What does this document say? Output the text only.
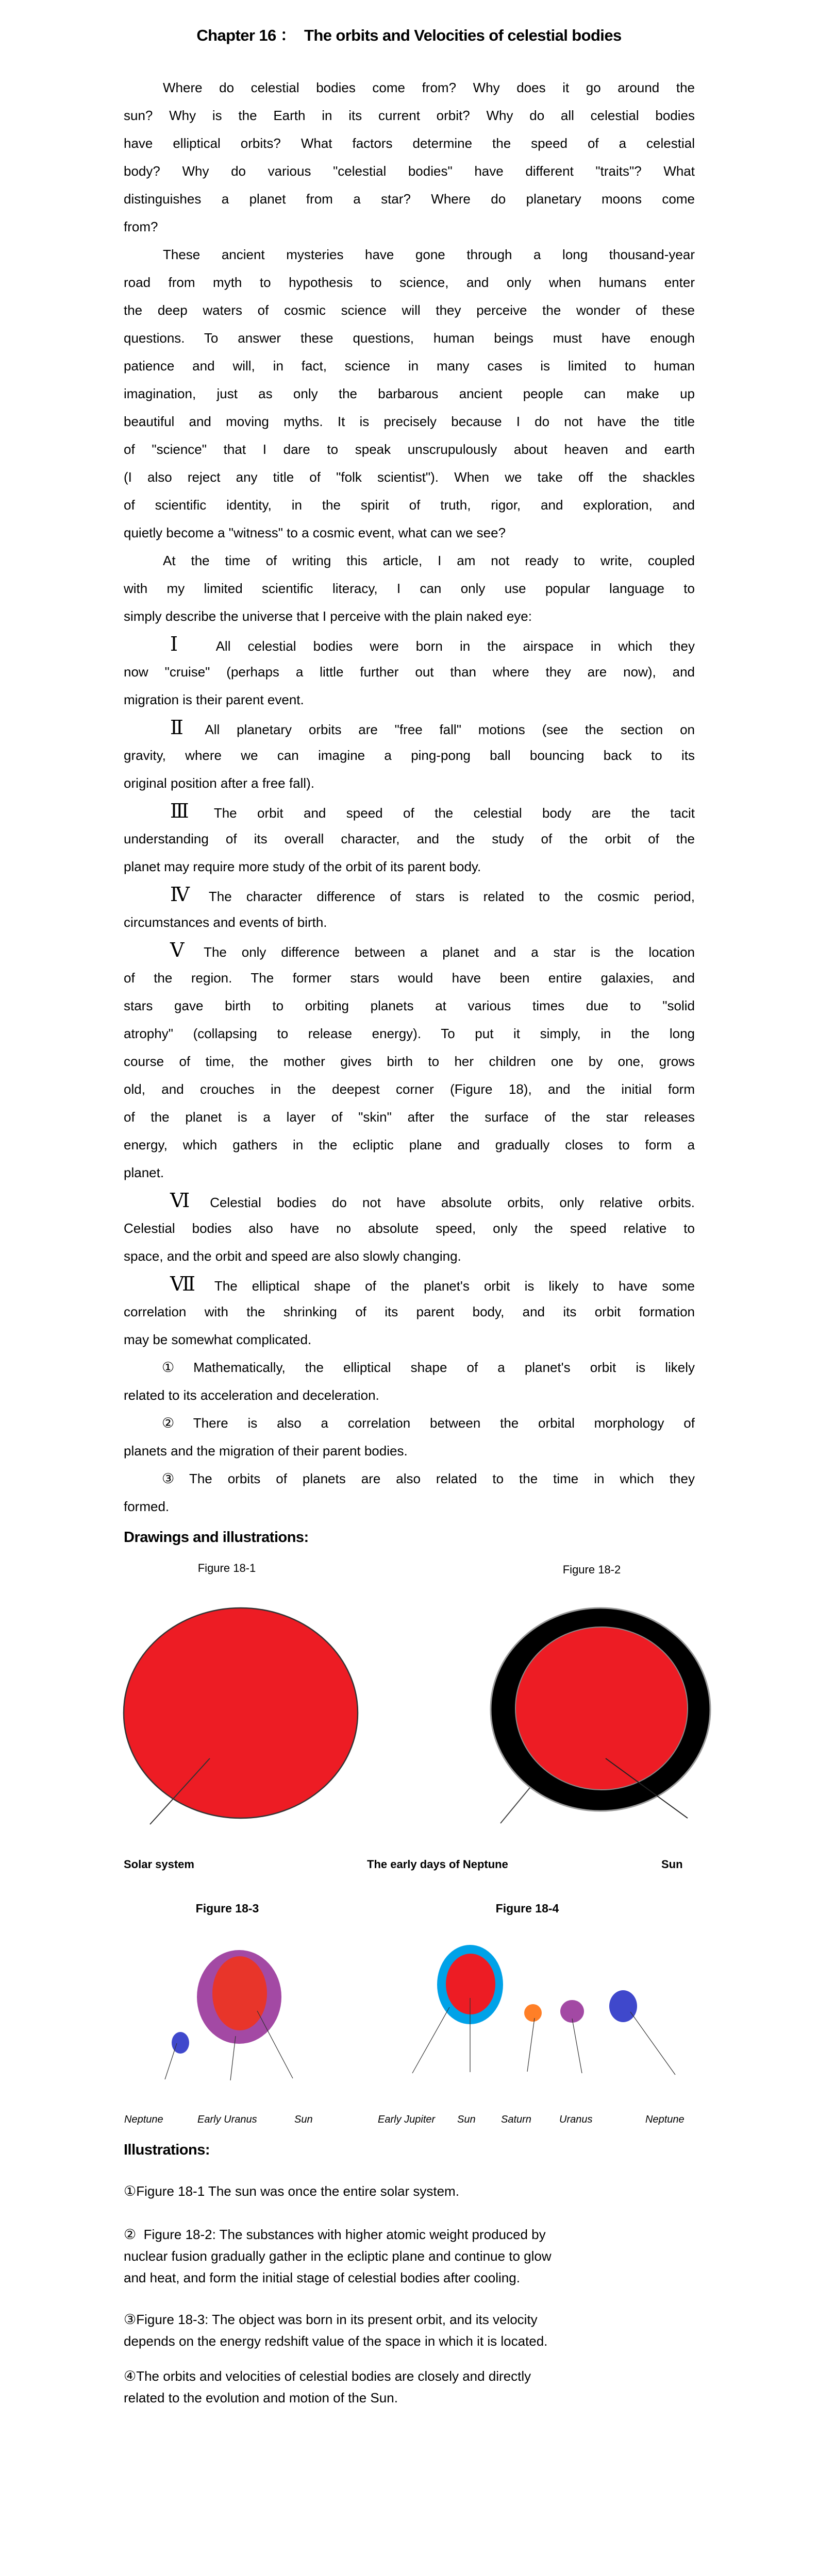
Chapter 16 ：  The orbits and Velocities of celestial bodies
Where do celestial bodies come from? Why does it go around the
sun? Why is the Earth in its current orbit? Why do all celestial bodies
have elliptical orbits? What factors determine the speed of a celestial
body? Why do various "celestial bodies" have different "traits"? What
distinguishes a planet from a star? Where do planetary moons come
from?
These ancient mysteries have gone through a long thousand-year
road from myth to hypothesis to science, and only when humans enter
the deep waters of cosmic science will they perceive the wonder of these
questions. To answer these questions, human beings must have enough
patience and will, in fact, science in many cases is limited to human
imagination, just as only the barbarous ancient people can make up
beautiful and moving myths. It is precisely because I do not have the title
of "science" that I dare to speak unscrupulously about heaven and earth
(I also reject any title of "folk scientist"). When we take off the shackles
of scientific identity, in the spirit of truth, rigor, and exploration, and
quietly become a "witness" to a cosmic event, what can we see?
At the time of writing this article, I am not ready to write, coupled
with my limited scientific literacy, I can only use popular language to
simply describe the universe that I perceive with the plain naked eye:
Ⅰ All celestial bodies were born in the airspace in which they
now "cruise" (perhaps a little further out than where they are now), and
migration is their parent event.
Ⅱ All planetary orbits are "free fall" motions (see the section on
gravity, where we can imagine a ping-pong ball bouncing back to its
original position after a free fall).
Ⅲ The orbit and speed of the celestial body are the tacit
understanding of its overall character, and the study of the orbit of the
planet may require more study of the orbit of its parent body.
Ⅳ The character difference of stars is related to the cosmic period,
circumstances and events of birth.
Ⅴ The only difference between a planet and a star is the location
of the region. The former stars would have been entire galaxies, and
stars gave birth to orbiting planets at various times due to "solid
atrophy" (collapsing to release energy). To put it simply, in the long
course of time, the mother gives birth to her children one by one, grows
old, and crouches in the deepest corner (Figure 18), and the initial form
of the planet is a layer of "skin" after the surface of the star releases
energy, which gathers in the ecliptic plane and gradually closes to form a
planet.
Ⅵ Celestial bodies do not have absolute orbits, only relative orbits.
Celestial bodies also have no absolute speed, only the speed relative to
space, and the orbit and speed are also slowly changing.
Ⅶ The elliptical shape of the planet's orbit is likely to have some
correlation with the shrinking of its parent body, and its orbit formation
may be somewhat complicated.
① Mathematically, the elliptical shape of a planet's orbit is likely
related to its acceleration and deceleration.
② There is also a correlation between the orbital morphology of
planets and the migration of their parent bodies.
③ The orbits of planets are also related to the time in which they
formed.
Drawings and illustrations:
Figure 18-1	Figure 18-2
Solar system	The early days of Neptune	Sun
Figure 18-3	Figure 18-4
Neptune	Early Uranus	Sun	Early Jupiter Sun Saturn	Uranus	Neptune
Illustrations:
①Figure 18-1 The sun was once the entire solar system.
②  Figure 18-2: The substances with higher atomic weight produced by
nuclear fusion gradually gather in the ecliptic plane and continue to glow
and heat, and form the initial stage of celestial bodies after cooling.
③Figure 18-3: The object was born in its present orbit, and its velocity
depends on the energy redshift value of the space in which it is located.
④The orbits and velocities of celestial bodies are closely and directly
related to the evolution and motion of the Sun.
